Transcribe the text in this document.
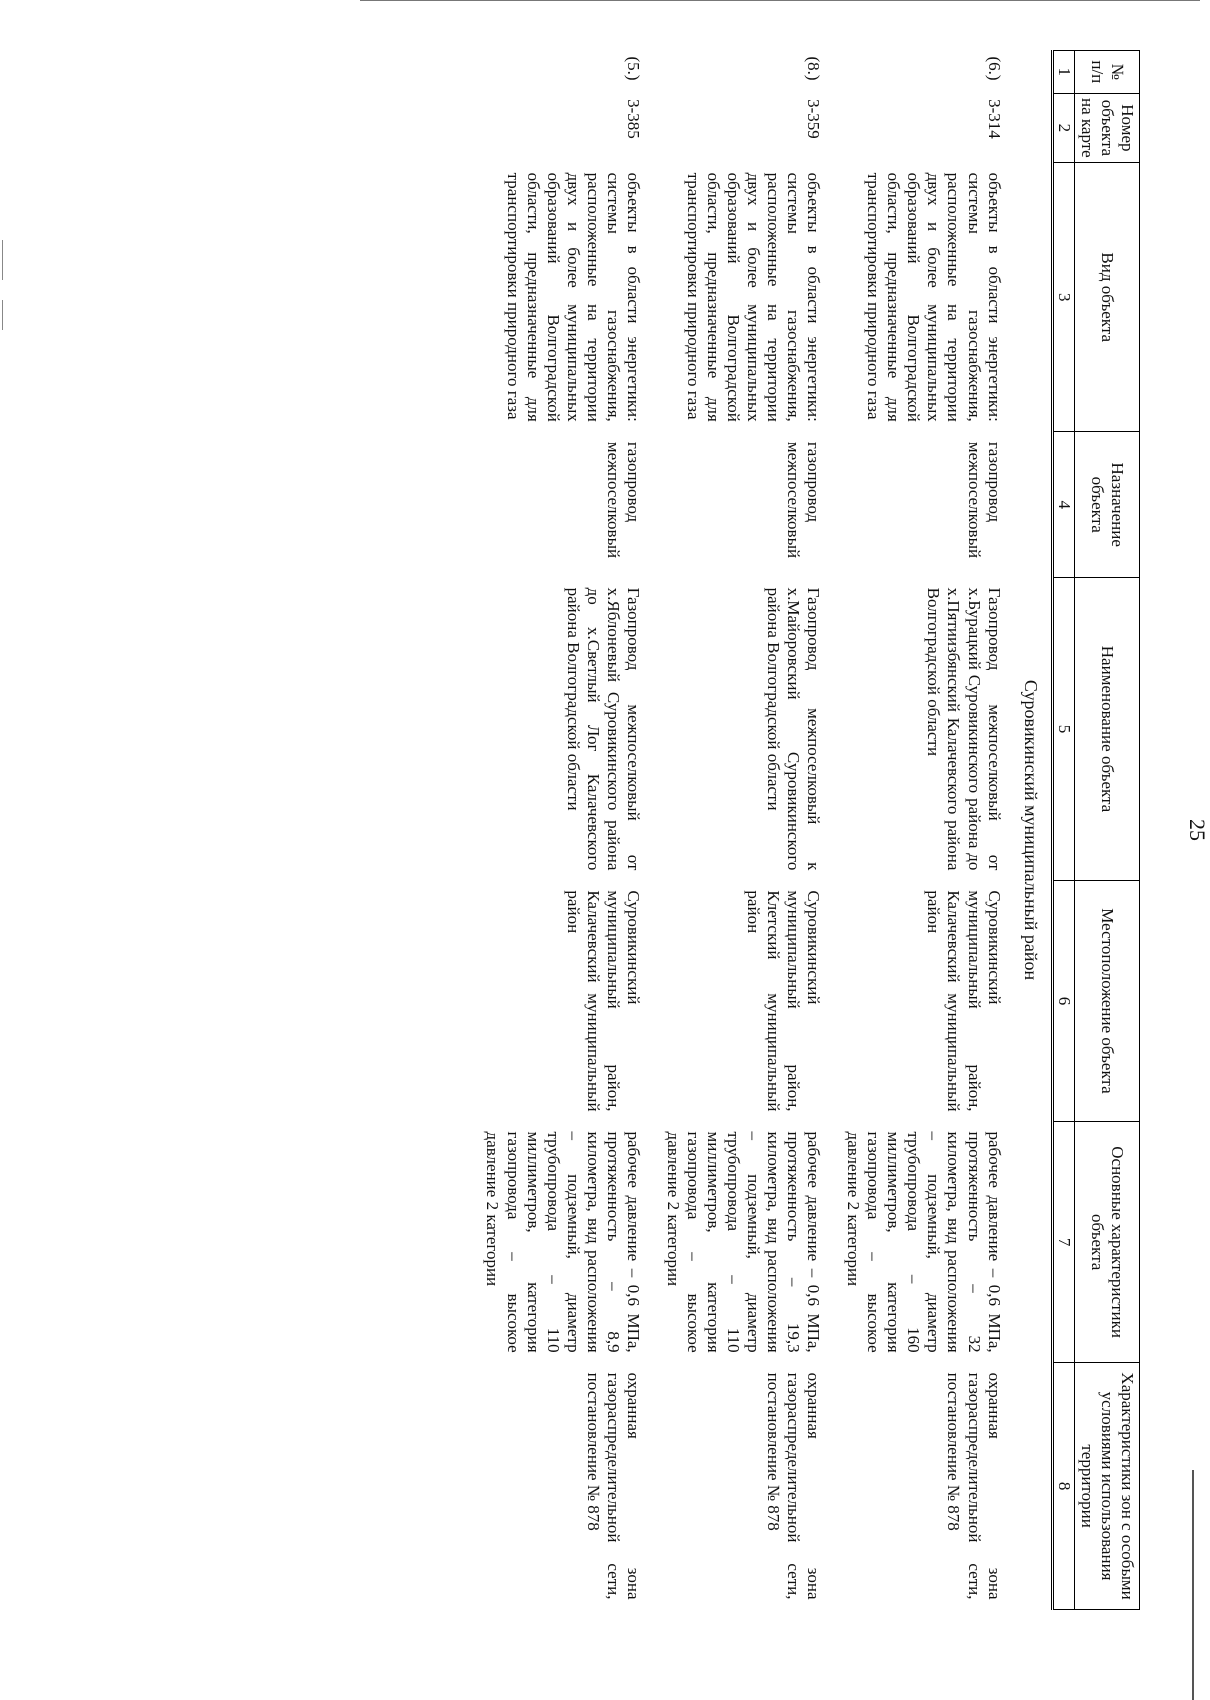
25
№ п/п	Номер объекта на карте	Вид объекта	Назначение объекта	Наименование объекта	Местоположение объекта	Основные характеристики объекта	Характеристики зон с особыми условиями использования территории
1	2	3	4	5	6	7	8
Суровикинский муниципальный район							
(6.)	3-314	объекты в области энергетики: системы газоснабжения, расположенные на территории двух и более муниципальных образований Волгоградской области, предназначенные для транспортировки природного газа	газопровод межпоселковый	Газопровод межпоселковый от х.Бурацкий Суровикинского района до х.Пятиизбянский Калачевского района Волгоградской области	Суровикинский муниципальный район, Калачевский муниципальный район	рабочее давление – 0,6 МПа, протяженность – 32 километра, вид расположения – подземный, диаметр трубопровода – 160 миллиметров, категория газопровода – высокое давление 2 категории	охранная зона газораспределительной сети, постановление № 878
(8.)	3-359	объекты в области энергетики: системы газоснабжения, расположенные на территории двух и более муниципальных образований Волгоградской области, предназначенные для транспортировки природного газа	газопровод межпоселковый	Газопровод межпоселковый к х.Майоровский Суровикинского района Волгоградской области	Суровикинский муниципальный район, Клетский муниципальный район	рабочее давление – 0,6 МПа, протяженность – 19,3 километра, вид расположения – подземный, диаметр трубопровода – 110 миллиметров, категория газопровода – высокое давление 2 категории	охранная зона газораспределительной сети, постановление № 878
(5.)	3-385	объекты в области энергетики: системы газоснабжения, расположенные на территории двух и более муниципальных образований Волгоградской области, предназначенные для транспортировки природного газа	газопровод межпоселковый	Газопровод межпоселковый от х.Яблоневый Суровикинского района до х.Светлый Лог Калачевского района Волгоградской области	Суровикинский муниципальный район, Калачевский муниципальный район	рабочее давление – 0,6 МПа, протяженность – 8,9 километра, вид расположения – подземный, диаметр трубопровода – 110 миллиметров, категория газопровода – высокое давление 2 категории	охранная зона газораспределительной сети, постановление № 878
